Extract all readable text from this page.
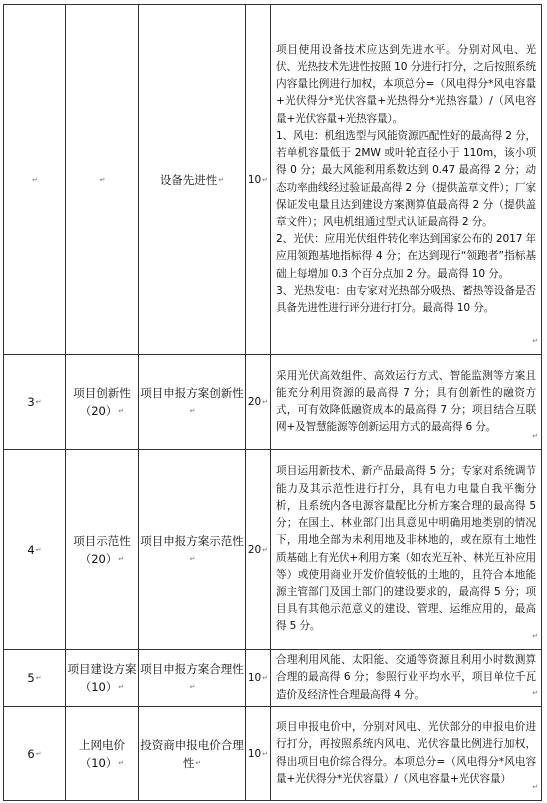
↵	↵	设备先进性↵	10↵	项目使用设备技术应达到先进水平。分别对风电、光伏、光热技术先进性按照 10 分进行打分，之后按照系统内容量比例进行加权，本项总分=（风电得分*风电容量+光伏得分*光伏容量+光热得分*光热容量）/（风电容量+光伏容量+光热容量）。

1、风电：机组选型与风能资源匹配性好的最高得 2 分，若单机容量低于 2MW 或叶轮直径小于 110m，该小项得 0 分；最大风能利用系数达到 0.47 最高得 2 分；动态功率曲线经过验证最高得 2 分（提供盖章文件）；厂家保证发电量且达到建设方案测算值最高得 2 分（提供盖章文件）；风电机组通过型式认证最高得 2 分。

2、光伏：应用光伏组件转化率达到国家公布的 2017 年应用领跑基地指标得 4 分；在达到现行“领跑者”指标基础上每增加 0.3 个百分点加 2 分。最高得 10 分。

3、光热发电：由专家对光热部分吸热、蓄热等设备是否具备先进性进行评分进行打分。最高得 10 分。

↵

3↵	项目创新性（20）↵	项目申报方案创新性↵	20↵	采用光伏高效组件、高效运行方式、智能监测等方案且能充分利用资源的最高得 7 分；具有创新性的融资方式，可有效降低融资成本的最高得 7 分；项目结合互联网+及智慧能源等创新运用方式的最高得 6 分。

↵

4↵	项目示范性（20）↵	项目申报方案示范性↵	20↵	项目运用新技术、新产品最高得 5 分；专家对系统调节能力及其示范性进行打分，具有电力电量自我平衡分析，且系统内各电源容量配比分析方案合理的最高得 5 分；在国土、林业部门出具意见中明确用地类别的情况下，用地全部为未利用地及非林地的，或在原有土地性质基础上有光伏+利用方案（如农光互补、林光互补应用等）或使用商业开发价值较低的土地的，且符合本地能源主管部门及国土部门的建设要求的，最高得 5 分；项目具有其他示范意义的建设、管理、运维应用的，最高得 5 分。

↵

5↵	项目建设方案（10）↵	项目申报方案合理性↵	10↵	合理利用风能、太阳能、交通等资源且利用小时数测算合理的最高得 6 分；参照行业平均水平，项目单位千瓦造价及经济性合理最高得 4 分。 ↵

6↵	上网电价（10）↵	投资商申报电价合理性↵	10↵	项目申报电价中，分别对风电、光伏部分的申报电价进行打分，再按照系统内风电、光伏容量比例进行加权，得出项目电价综合得分。本项总分=（风电得分*风电容量+光伏得分*光伏容量）/（风电容量+光伏容量）

↵
